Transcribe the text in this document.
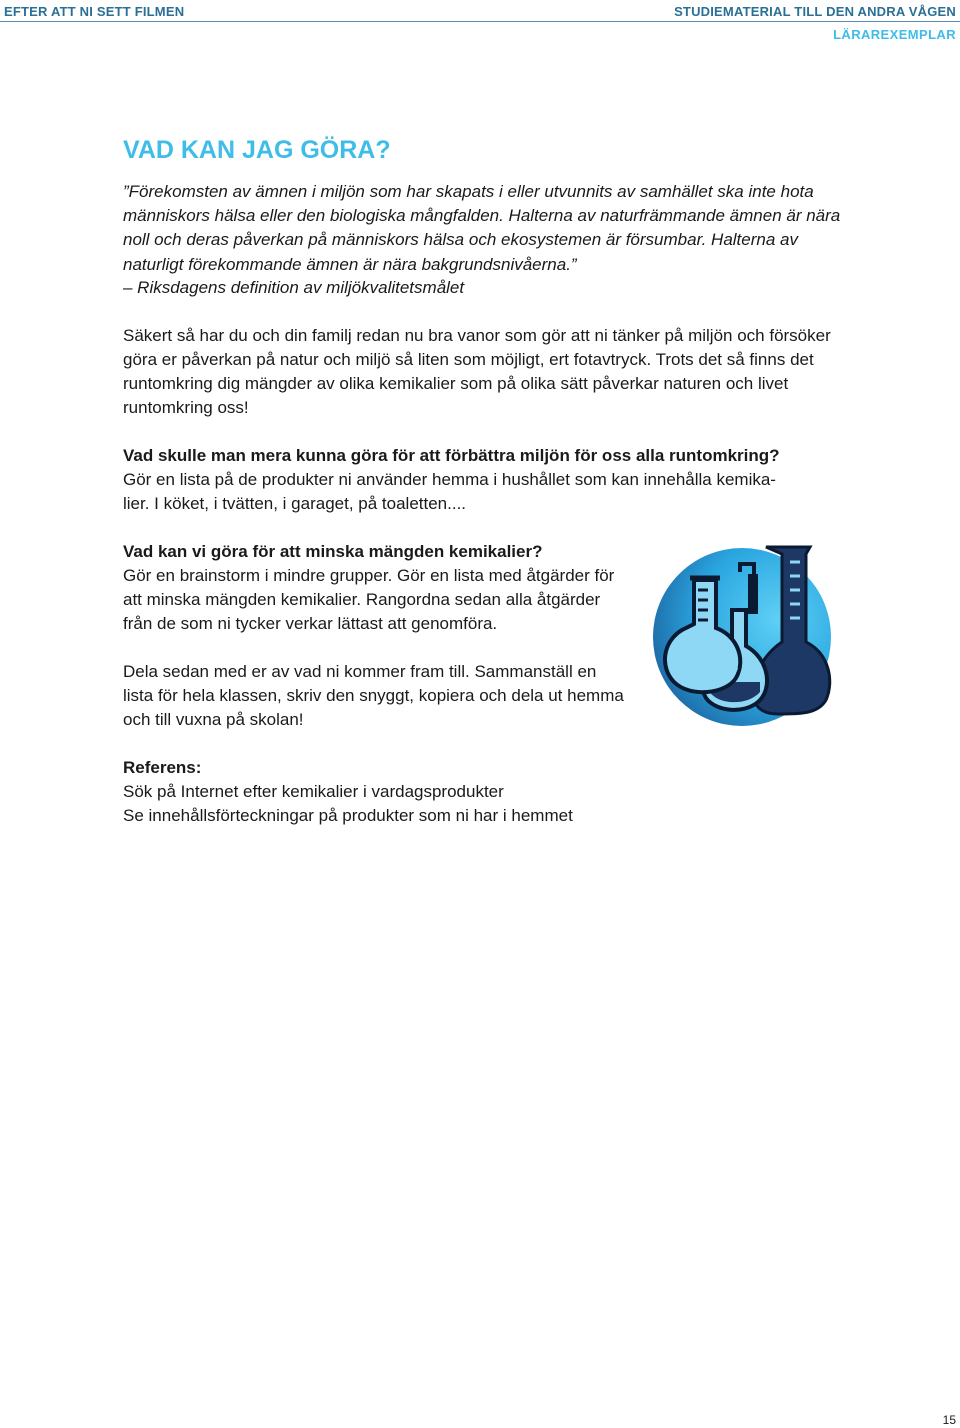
EFTER ATT NI SETT FILMEN	STUDIEMATERIAL TILL DEN ANDRA VÅGEN
LÄRAREXEMPLAR
VAD KAN JAG GÖRA?

”Förekomsten av ämnen i miljön som har skapats i eller utvunnits av samhället ska inte hota människors hälsa eller den biologiska mångfalden. Halterna av naturfrämmande ämnen är nära noll och deras påverkan på människors hälsa och ekosystemen är försumbar. Halterna av naturligt förekommande ämnen är nära bakgrundsnivåerna.”

– Riksdagens definition av miljökvalitetsmålet

Säkert så har du och din familj redan nu bra vanor som gör att ni tänker på miljön och försöker göra er påverkan på natur och miljö så liten som möjligt, ert fotavtryck. Trots det så finns det runtomkring dig mängder av olika kemikalier som på olika sätt påverkar naturen och livet runtomkring oss!

Vad skulle man mera kunna göra för att förbättra miljön för oss alla runtomkring?

Gör en lista på de produkter ni använder hemma i hushållet som kan innehålla kemika-

lier. I köket, i tvätten, i garaget, på toaletten....

Vad kan vi göra för att minska mängden kemikalier?

Gör en brainstorm i mindre grupper. Gör en lista med åtgärder för att minska mängden kemikalier. Rangordna sedan alla åtgärder från de som ni tycker verkar lättast att genomföra.

Dela sedan med er av vad ni kommer fram till. Sammanställ en lista för hela klassen, skriv den snyggt, kopiera och dela ut hemma och till vuxna på skolan!

Referens:

Sök på Internet efter kemikalier i vardagsprodukter

Se innehållsförteckningar på produkter som ni har i hemmet

15
